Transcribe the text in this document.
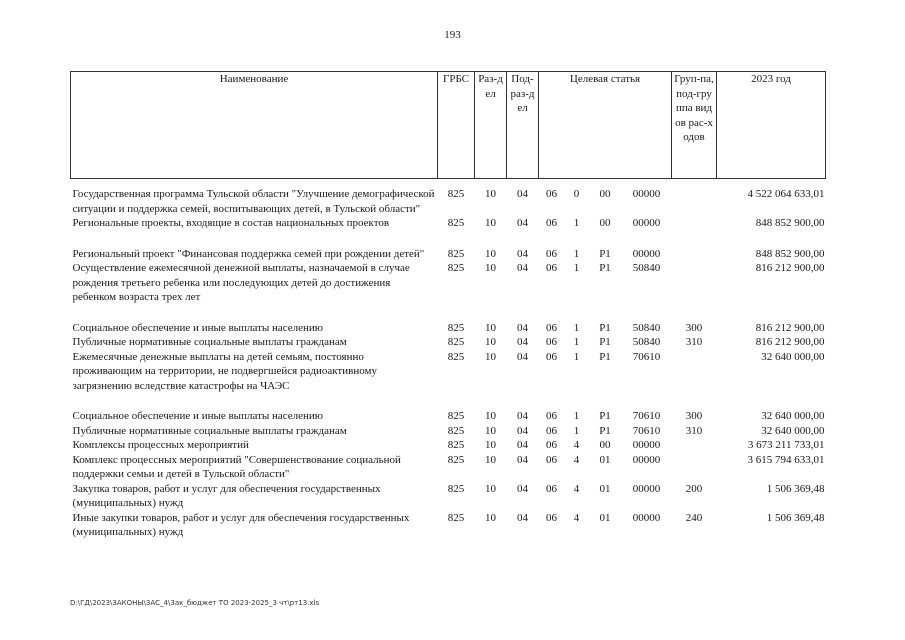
193
Наименование	ГРБС	Раз-дел	Под-раз-дел	Целевая статья				Груп-па, под-группа видов рас-ходов	2023 год

Государственная программа Тульской области "Улучшение демографической ситуации и поддержка семей, воспитывающих детей, в Тульской области"	825	10	04	06	0	00	00000		4 522 064 633,01
Региональные проекты, входящие в состав национальных проектов	825	10	04	06	1	00	00000		848 852 900,00
Региональный проект "Финансовая поддержка семей при рождении детей"	825	10	04	06	1	P1	00000		848 852 900,00
Осуществление ежемесячной денежной выплаты, назначаемой в случае рождения третьего ребенка или последующих детей до достижения ребенком возраста трех лет	825	10	04	06	1	P1	50840		816 212 900,00
Социальное обеспечение и иные выплаты населению	825	10	04	06	1	P1	50840	300	816 212 900,00
Публичные нормативные социальные выплаты гражданам	825	10	04	06	1	P1	50840	310	816 212 900,00
Ежемесячные денежные выплаты на детей семьям, постоянно проживающим на территории, не подвергшейся радиоактивному загрязнению вследствие катастрофы на ЧАЭС	825	10	04	06	1	P1	70610		32 640 000,00
Социальное обеспечение и иные выплаты населению	825	10	04	06	1	P1	70610	300	32 640 000,00
Публичные нормативные социальные выплаты гражданам	825	10	04	06	1	P1	70610	310	32 640 000,00
Комплексы процессных мероприятий	825	10	04	06	4	00	00000		3 673 211 733,01
Комплекс процессных мероприятий "Совершенствование социальной поддержки семьи и детей в Тульской области"	825	10	04	06	4	01	00000		3 615 794 633,01
Закупка товаров, работ и услуг для обеспечения государственных (муниципальных) нужд	825	10	04	06	4	01	00000	200	1 506 369,48
Иные закупки товаров, работ и услуг для обеспечения государственных (муниципальных) нужд	825	10	04	06	4	01	00000	240	1 506 369,48
D:\ГД\2023\ЗАКОНЫ\3АС_4\3ак_бюджет ТО 2023-2025_3 чт\рт13.xls
